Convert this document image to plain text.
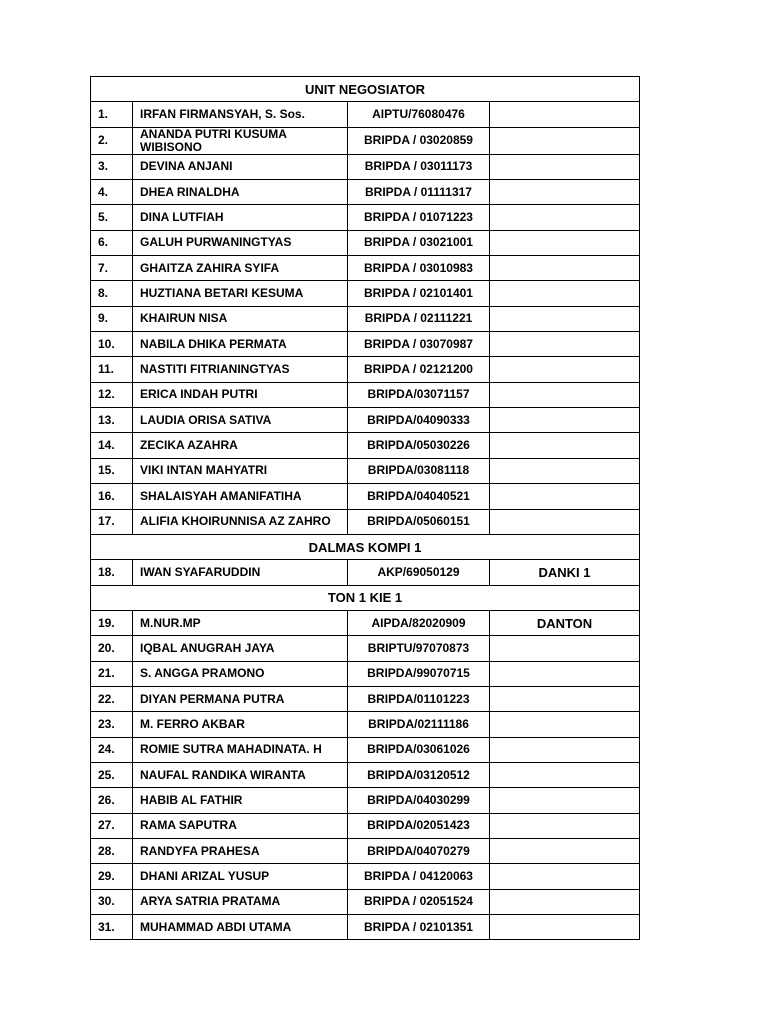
UNIT NEGOSIATOR			
1.	IRFAN FIRMANSYAH, S. Sos.	AIPTU/76080476	
2.	ANANDA PUTRI KUSUMA WIBISONO	BRIPDA / 03020859	
3.	DEVINA ANJANI	BRIPDA / 03011173	
4.	DHEA RINALDHA	BRIPDA / 01111317	
5.	DINA LUTFIAH	BRIPDA / 01071223	
6.	GALUH PURWANINGTYAS	BRIPDA / 03021001	
7.	GHAITZA ZAHIRA SYIFA	BRIPDA / 03010983	
8.	HUZTIANA BETARI KESUMA	BRIPDA / 02101401	
9.	KHAIRUN NISA	BRIPDA / 02111221	
10.	NABILA DHIKA PERMATA	BRIPDA / 03070987	
11.	NASTITI FITRIANINGTYAS	BRIPDA / 02121200	
12.	ERICA INDAH PUTRI	BRIPDA/03071157	
13.	LAUDIA ORISA SATIVA	BRIPDA/04090333	
14.	ZECIKA AZAHRA	BRIPDA/05030226	
15.	VIKI INTAN MAHYATRI	BRIPDA/03081118	
16.	SHALAISYAH AMANIFATIHA	BRIPDA/04040521	
17.	ALIFIA KHOIRUNNISA AZ ZAHRO	BRIPDA/05060151	
DALMAS KOMPI 1			
18.	IWAN SYAFARUDDIN	AKP/69050129	DANKI 1
TON 1 KIE 1			
19.	M.NUR.MP	AIPDA/82020909	DANTON
20.	IQBAL ANUGRAH JAYA	BRIPTU/97070873	
21.	S. ANGGA PRAMONO	BRIPDA/99070715	
22.	DIYAN PERMANA PUTRA	BRIPDA/01101223	
23.	M. FERRO AKBAR	BRIPDA/02111186	
24.	ROMIE SUTRA MAHADINATA. H	BRIPDA/03061026	
25.	NAUFAL RANDIKA WIRANTA	BRIPDA/03120512	
26.	HABIB AL FATHIR	BRIPDA/04030299	
27.	RAMA SAPUTRA	BRIPDA/02051423	
28.	RANDYFA PRAHESA	BRIPDA/04070279	
29.	DHANI ARIZAL YUSUP	BRIPDA / 04120063	
30.	ARYA SATRIA PRATAMA	BRIPDA / 02051524	
31.	MUHAMMAD ABDI UTAMA	BRIPDA / 02101351	
